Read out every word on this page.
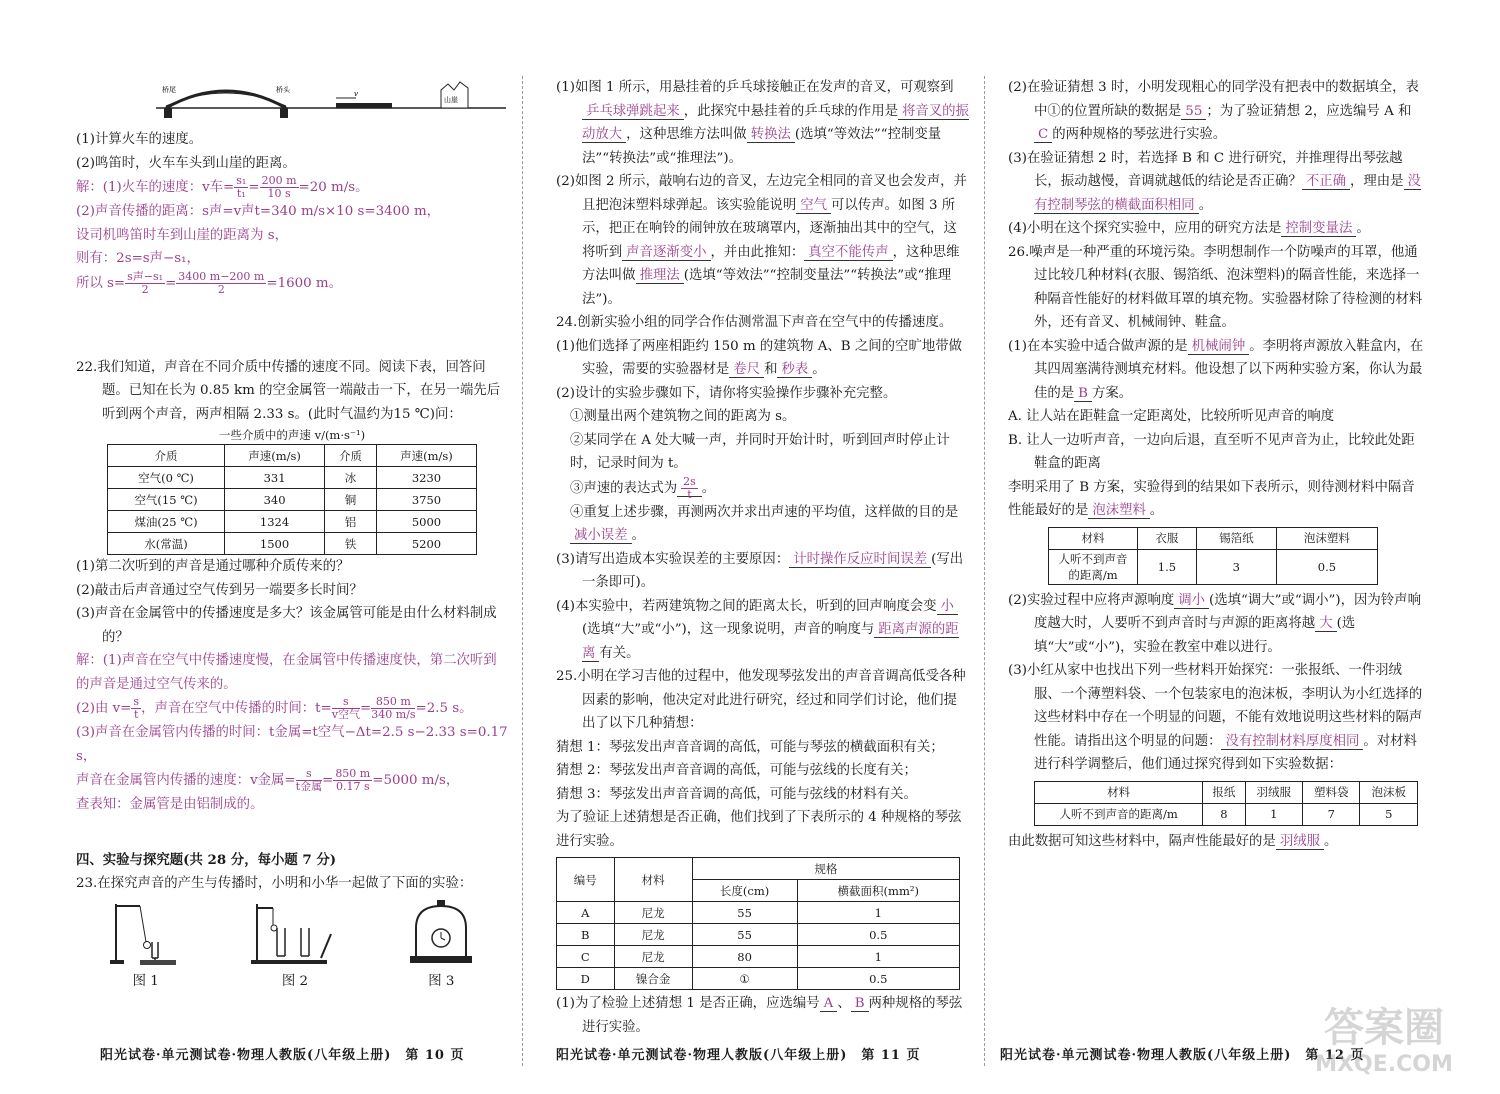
桥尾	桥头	v
山崖

(1)计算火车的速度。

(2)鸣笛时，火车车头到山崖的距离。

解：(1)火车的速度：v车= $\frac{\text{s₁}}{\text{t₁}} = \frac{200 m}{10 s} =20$ m/s。

(2)声音传播的距离：s声=v声t=340 m/s×10 s=3400 m，

设司机鸣笛时车到山崖的距离为 s，

则有：2s=s声−s₁，

所以 $s= \frac{\text{s声−s₁}}{2} = \frac{3400 m-200 m}{2} =1600$ m。

22.我们知道，声音在不同介质中传播的速度不同。阅读下表，回答问题。已知在长为 0.85 km 的空金属管一端敲击一下，在另一端先后听到两个声音，两声相隔 2.33 s。(此时气温约为15 ℃)问：

一些介质中的声速 v/(m·s⁻¹)
介质	声速(m/s)	介质	声速(m/s)
空气(0 ℃)	331	冰	3230
空气(15 ℃)	340	铜	3750
煤油(25 ℃)	1324	铝	5000
水(常温)	1500	铁	5200

(1)第二次听到的声音是通过哪种介质传来的？

(2)敲击后声音通过空气传到另一端要多长时间？

(3)声音在金属管中的传播速度是多大？该金属管可能是由什么材料制成的？

解：(1)声音在空气中传播速度慢，在金属管中传播速度快，第二次听到的声音是通过空气传来的。

(2)由 $v= \frac{s}{t}$ ，声音在空气中传播的时间：$t= \frac{s}{\text{v空气}} = \frac{850 m}{340 m/s} =2.5$ s。

(3)声音在金属管内传播的时间：t金属=t空气−Δt=2.5 s−2.33 s=0.17 s，

声音在金属管内传播的速度：v金属= $\frac{s}{\text{t金属}} = \frac{850 m}{0.17 s} =5000$ m/s，

查表知：金属管是由铝制成的。

四、实验与探究题(共 28 分，每小题 7 分)

23.在探究声音的产生与传播时，小明和小华一起做了下面的实验：

图 1	图 2	图 3

(1)如图 1 所示，用悬挂着的乒乓球接触正在发声的音叉，可观察到乒乓球弹跳起来 ，此探究中悬挂着的乒乓球的作用是 将音叉的振动放大 ，这种思维方法叫做 转换法 (选填“等效法”“控制变量法”“转换法”或“推理法”)。

(2)如图 2 所示，敲响右边的音叉，左边完全相同的音叉也会发声，并且把泡沫塑料球弹起。该实验能说明 空气 可以传声。如图 3 所示，把正在响铃的闹钟放在玻璃罩内，逐渐抽出其中的空气，这将听到 声音逐渐变小 ，并由此推知： 真空不能传声 ，这种思维方法叫做 推理法 (选填“等效法”“控制变量法”“转换法”或“推理法”)。

24.创新实验小组的同学合作估测常温下声音在空气中的传播速度。

(1)他们选择了两座相距约 150 m 的建筑物 A、B 之间的空旷地带做实验，需要的实验器材是 卷尺 和 秒表 。

(2)设计的实验步骤如下，请你将实验操作步骤补充完整。

①测量出两个建筑物之间的距离为 s。

②某同学在 A 处大喊一声，并同时开始计时，听到回声时停止计时，记录时间为 t。

③声速的表达式为 $\frac{2s}{t}$ 。

④重复上述步骤，再测两次并求出声速的平均值，这样做的目的是减小误差 。

(3)请写出造成本实验误差的主要原因： 计时操作反应时间误差 (写出一条即可)。

(4)本实验中，若两建筑物之间的距离太长，听到的回声响度会变 小(选填“大”或“小”)，这一现象说明，声音的响度与 距离声源的距离 有关。

25.小明在学习吉他的过程中，他发现琴弦发出的声音音调高低受各种因素的影响，他决定对此进行研究，经过和同学们讨论，他们提出了以下几种猜想：

猜想 1：琴弦发出声音音调的高低，可能与琴弦的横截面积有关；

猜想 2：琴弦发出声音音调的高低，可能与弦线的长度有关；

猜想 3：琴弦发出声音音调的高低，可能与弦线的材料有关。

为了验证上述猜想是否正确，他们找到了下表所示的 4 种规格的琴弦进行实验。

编号	材料	规格	
		长度(cm)	横截面积(mm²)
A	尼龙	55	1
B	尼龙	55	0.5
C	尼龙	80	1
D	镍合金	①	0.5

(1)为了检验上述猜想 1 是否正确，应选编号 A 、 B 两种规格的琴弦进行实验。

(2)在验证猜想 3 时，小明发现粗心的同学没有把表中的数据填全，表中①的位置所缺的数据是 55 ；为了验证猜想 2，应选编号 A 和C 的两种规格的琴弦进行实验。

(3)在验证猜想 2 时，若选择 B 和 C 进行研究，并推理得出琴弦越长，振动越慢，音调就越低的结论是否正确？ 不正确 ，理由是 没有控制琴弦的横截面积相同 。

(4)小明在这个探究实验中，应用的研究方法是 控制变量法 。

26.噪声是一种严重的环境污染。李明想制作一个防噪声的耳罩，他通过比较几种材料(衣服、锡箔纸、泡沫塑料)的隔音性能，来选择一种隔音性能好的材料做耳罩的填充物。实验器材除了待检测的材料外，还有音叉、机械闹钟、鞋盒。

(1)在本实验中适合做声源的是 机械闹钟 。李明将声源放入鞋盒内，在其四周塞满待测填充材料。他设想了以下两种实验方案，你认为最佳的是 B 方案。

A. 让人站在距鞋盒一定距离处，比较所听见声音的响度

B. 让人一边听声音，一边向后退，直至听不见声音为止，比较此处距鞋盒的距离

李明采用了 B 方案，实验得到的结果如下表所示，则待测材料中隔音性能最好的是 泡沫塑料 。

材料	衣服	锡箔纸	泡沫塑料
人听不到声音的距离/m	1.5	3	0.5

(2)实验过程中应将声源响度 调小 (选填“调大”或“调小”)，因为铃声响度越大时，人要听不到声音时与声源的距离将越 大 (选填“大”或“小”)，实验在教室中难以进行。

(3)小红从家中也找出下列一些材料开始探究：一张报纸、一件羽绒服、一个薄塑料袋、一个包装家电的泡沫板，李明认为小红选择的这些材料中存在一个明显的问题，不能有效地说明这些材料的隔声性能。请指出这个明显的问题： 没有控制材料厚度相同 。对材料进行科学调整后，他们通过探究得到如下实验数据：

材料	报纸	羽绒服	塑料袋	泡沫板
人听不到声音的距离/m	8	1	7	5

由此数据可知这些材料中，隔声性能最好的是 羽绒服 。

阳光试卷·单元测试卷·物理人教版(八年级上册)　第 10 页	阳光试卷·单元测试卷·物理人教版(八年级上册)　第 11 页	阳光试卷·单元测试卷·物理人教版(八年级上册)　第 12 页
答案圈
MXQE.COM
